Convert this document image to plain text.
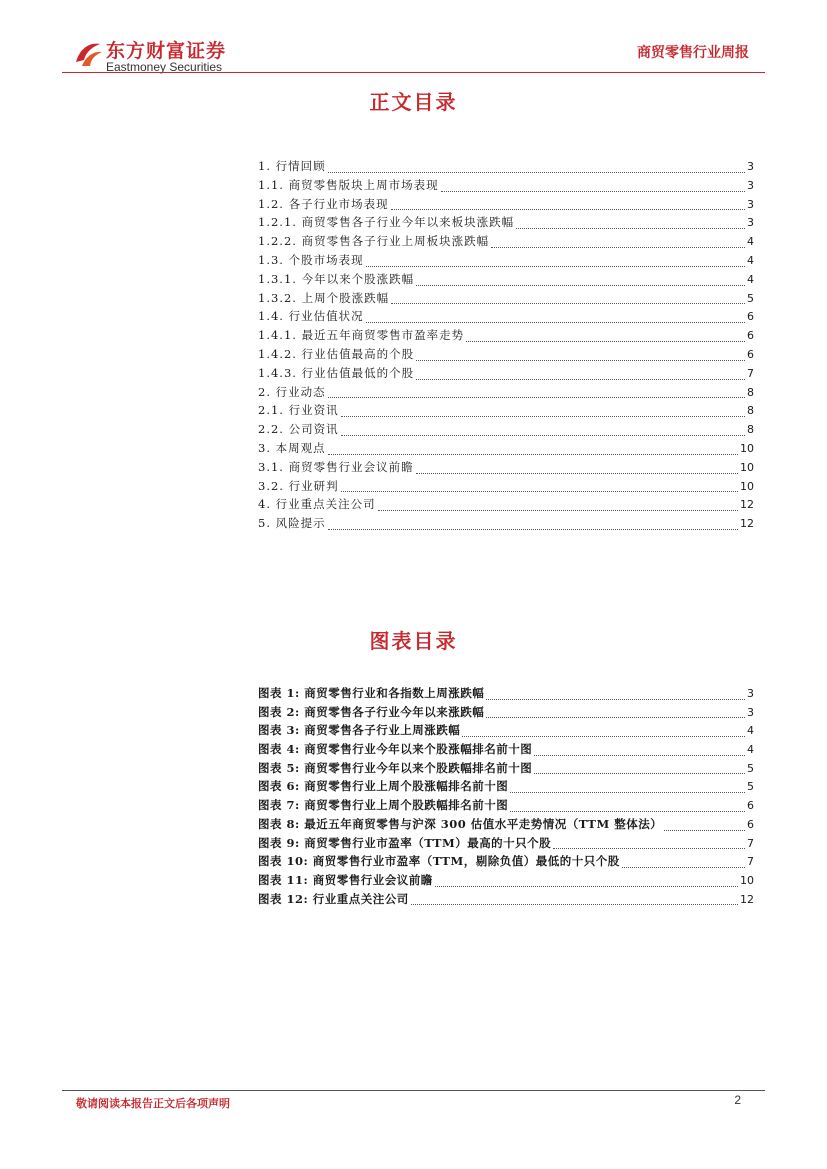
东方财富证券
Eastmoney Securities
商贸零售行业周报
正文目录
1. 行情回顾	3
1.1. 商贸零售版块上周市场表现	3
1.2. 各子行业市场表现	3
1.2.1. 商贸零售各子行业今年以来板块涨跌幅	3
1.2.2. 商贸零售各子行业上周板块涨跌幅	4
1.3. 个股市场表现	4
1.3.1. 今年以来个股涨跌幅	4
1.3.2. 上周个股涨跌幅	5
1.4. 行业估值状况	6
1.4.1. 最近五年商贸零售市盈率走势	6
1.4.2. 行业估值最高的个股	6
1.4.3. 行业估值最低的个股	7
2. 行业动态	8
2.1. 行业资讯	8
2.2. 公司资讯	8
3. 本周观点	10
3.1. 商贸零售行业会议前瞻	10
3.2. 行业研判	10
4. 行业重点关注公司	12
5. 风险提示	12
图表目录
图表 1: 商贸零售行业和各指数上周涨跌幅	3
图表 2: 商贸零售各子行业今年以来涨跌幅	3
图表 3: 商贸零售各子行业上周涨跌幅	4
图表 4: 商贸零售行业今年以来个股涨幅排名前十图	4
图表 5: 商贸零售行业今年以来个股跌幅排名前十图	5
图表 6: 商贸零售行业上周个股涨幅排名前十图	5
图表 7: 商贸零售行业上周个股跌幅排名前十图	6
图表 8: 最近五年商贸零售与沪深 300 估值水平走势情况（TTM 整体法）	6
图表 9: 商贸零售行业市盈率（TTM）最高的十只个股	7
图表 10: 商贸零售行业市盈率（TTM，剔除负值）最低的十只个股	7
图表 11: 商贸零售行业会议前瞻	10
图表 12: 行业重点关注公司	12
敬请阅读本报告正文后各项声明	2
